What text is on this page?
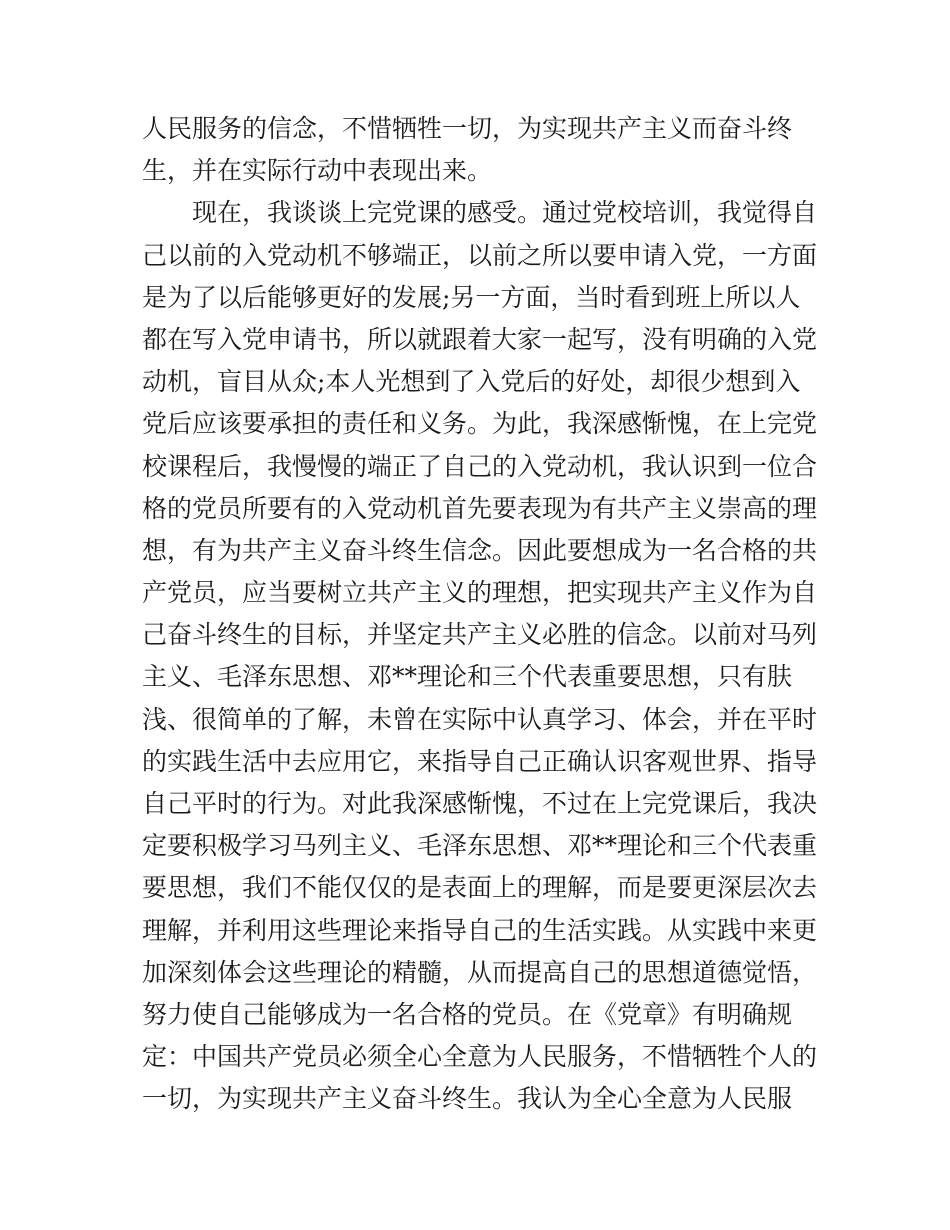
人民服务的信念，不惜牺牲一切，为实现共产主义而奋斗终
生，并在实际行动中表现出来。
现在，我谈谈上完党课的感受。通过党校培训，我觉得自
己以前的入党动机不够端正，以前之所以要申请入党，一方面
是为了以后能够更好的发展;另一方面，当时看到班上所以人
都在写入党申请书，所以就跟着大家一起写，没有明确的入党
动机，盲目从众;本人光想到了入党后的好处，却很少想到入
党后应该要承担的责任和义务。为此，我深感惭愧，在上完党
校课程后，我慢慢的端正了自己的入党动机，我认识到一位合
格的党员所要有的入党动机首先要表现为有共产主义崇高的理
想，有为共产主义奋斗终生信念。因此要想成为一名合格的共
产党员，应当要树立共产主义的理想，把实现共产主义作为自
己奋斗终生的目标，并坚定共产主义必胜的信念。以前对马列
主义、毛泽东思想、邓**理论和三个代表重要思想，只有肤
浅、很简单的了解，未曾在实际中认真学习、体会，并在平时
的实践生活中去应用它，来指导自己正确认识客观世界、指导
自己平时的行为。对此我深感惭愧，不过在上完党课后，我决
定要积极学习马列主义、毛泽东思想、邓**理论和三个代表重
要思想，我们不能仅仅的是表面上的理解，而是要更深层次去
理解，并利用这些理论来指导自己的生活实践。从实践中来更
加深刻体会这些理论的精髓，从而提高自己的思想道德觉悟，
努力使自己能够成为一名合格的党员。在《党章》有明确规
定：中国共产党员必须全心全意为人民服务，不惜牺牲个人的
一切，为实现共产主义奋斗终生。我认为全心全意为人民服
